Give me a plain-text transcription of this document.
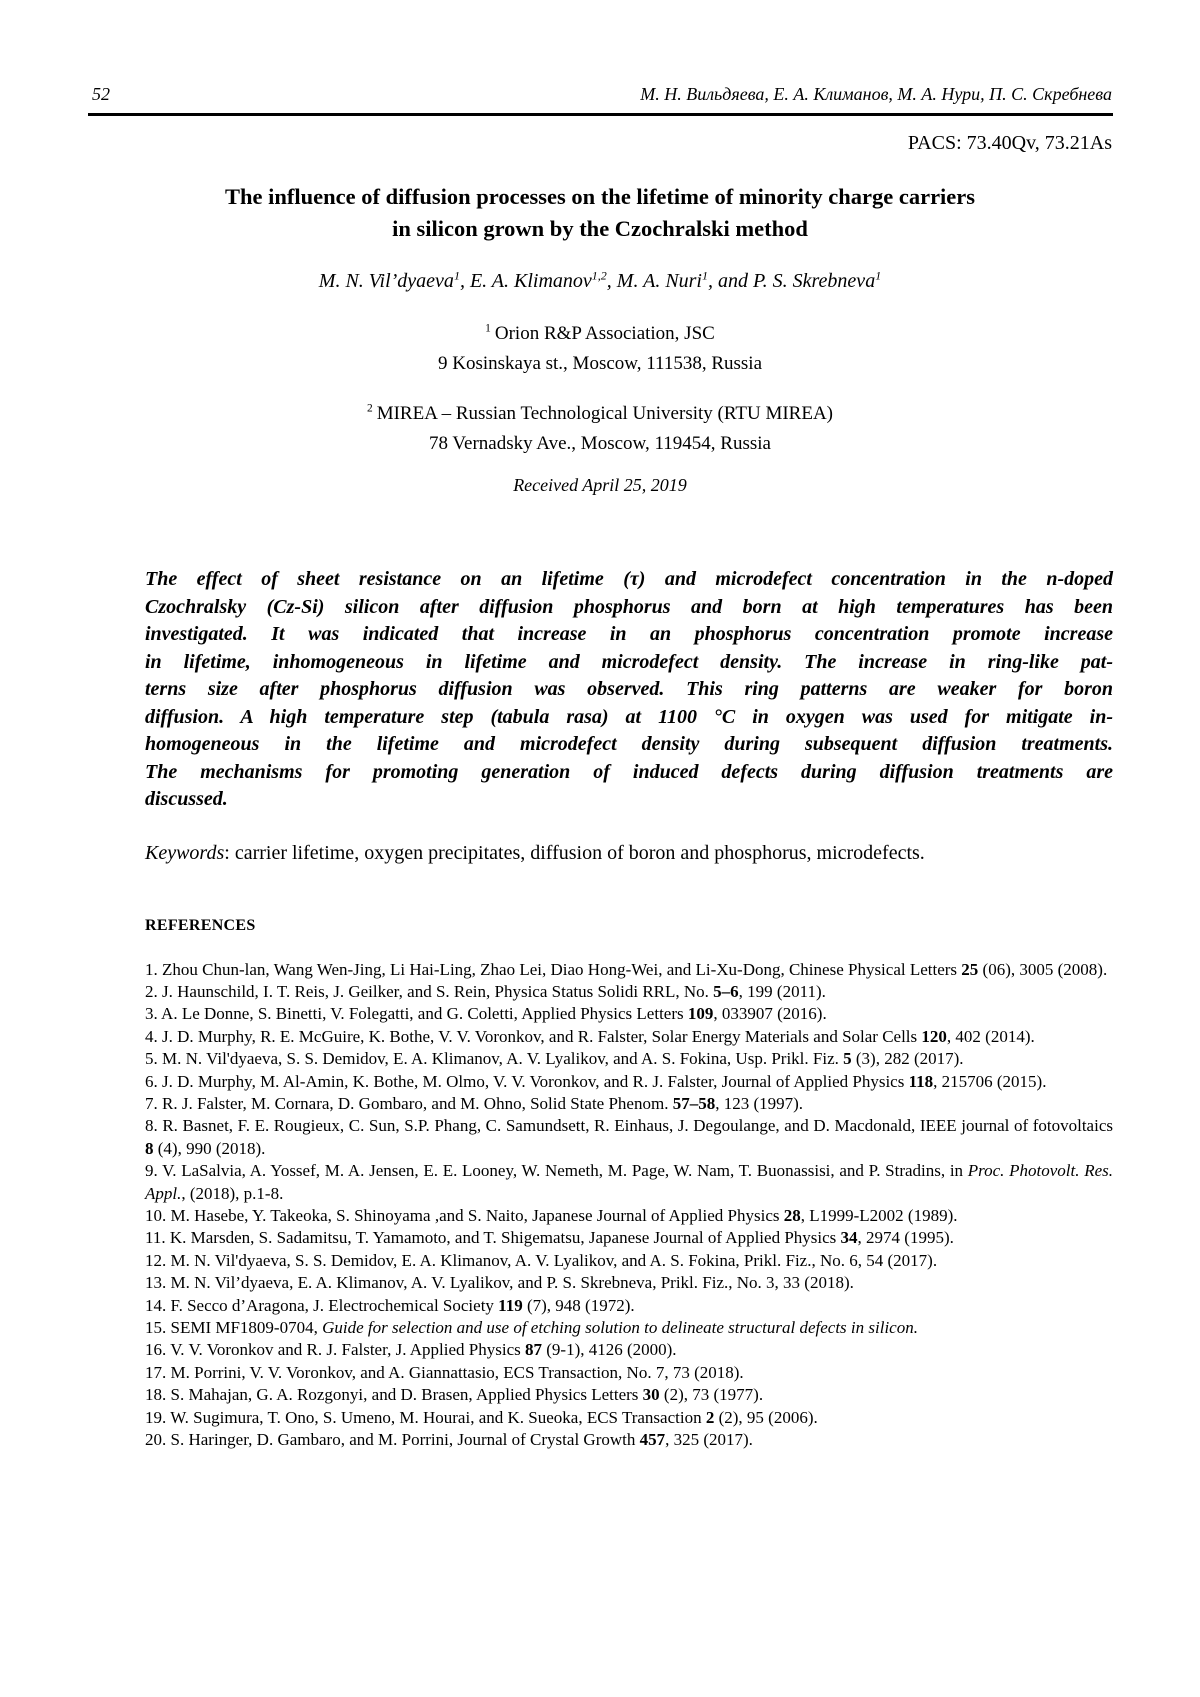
52	М. Н. Вильдяева, Е. А. Климанов, М. А. Нури, П. С. Скребнева
PACS: 73.40Qv, 73.21As
The influence of diffusion processes on the lifetime of minority charge carriers
in silicon grown by the Czochralski method
M. N. Vil’dyaeva$^1$, E. A. Klimanov$^{1,2}$, M. A. Nuri$^1$, and P. S. Skrebneva$^1$
$^1$ Orion R&P Association, JSC
9 Kosinskaya st., Moscow, 111538, Russia
$^2$ MIREA – Russian Technological University (RTU MIREA)
78 Vernadsky Ave., Moscow, 119454, Russia
Received April 25, 2019
The effect of sheet resistance on an lifetime (τ) and microdefect concentration in the n-doped
Czochralsky (Cz-Si) silicon after diffusion phosphorus and born at high temperatures has been
investigated. It was indicated that increase in an phosphorus concentration promote increase
in lifetime, inhomogeneous in lifetime and microdefect density. The increase in ring-like pat-
terns size after phosphorus diffusion was observed. This ring patterns are weaker for boron
diffusion. A high temperature step (tabula rasa) at 1100 °C in oxygen was used for mitigate in-
homogeneous in the lifetime and microdefect density during subsequent diffusion treatments.
The mechanisms for promoting generation of induced defects during diffusion treatments are
discussed.
Keywords: carrier lifetime, oxygen precipitates, diffusion of boron and phosphorus, microdefects.
REFERENCES
1. Zhou Chun-lan, Wang Wen-Jing, Li Hai-Ling, Zhao Lei, Diao Hong-Wei, and Li-Xu-Dong, Chinese Physical Letters 25 (06), 3005 (2008).
2. J. Haunschild, I. T. Reis, J. Geilker, and S. Rein, Physica Status Solidi RRL, No. 5–6, 199 (2011).
3. A. Le Donne, S. Binetti, V. Folegatti, and G. Coletti, Applied Physics Letters 109, 033907 (2016).
4. J. D. Murphy, R. E. McGuire, K. Bothe, V. V. Voronkov, and R. Falster, Solar Energy Materials and Solar Cells 120, 402 (2014).
5. M. N. Vil'dyaeva, S. S. Demidov, E. A. Klimanov, A. V. Lyalikov, and A. S. Fokina, Usp. Prikl. Fiz. 5 (3), 282 (2017).
6. J. D. Murphy, M. Al-Amin, K. Bothe, M. Olmo, V. V. Voronkov, and R. J. Falster, Journal of Applied Physics 118, 215706 (2015).
7. R. J. Falster, M. Cornara, D. Gombaro, and M. Ohno, Solid State Phenom. 57–58, 123 (1997).
8. R. Basnet, F. E. Rougieux, C. Sun, S.P. Phang, C. Samundsett, R. Einhaus, J. Degoulange, and D. Macdonald, IEEE journal of fotovoltaics 8 (4), 990 (2018).
9. V. LaSalvia, A. Yossef, M. A. Jensen, E. E. Looney, W. Nemeth, M. Page, W. Nam, T. Buonassisi, and P. Stradins, in Proc. Photovolt. Res. Appl., (2018), p.1-8.
10. M. Hasebe, Y. Takeoka, S. Shinoyama ,and S. Naito, Japanese Journal of Applied Physics 28, L1999-L2002 (1989).
11. K. Marsden, S. Sadamitsu, T. Yamamoto, and T. Shigematsu, Japanese Journal of Applied Physics 34, 2974 (1995).
12. M. N. Vil'dyaeva, S. S. Demidov, E. A. Klimanov, A. V. Lyalikov, and A. S. Fokina, Prikl. Fiz., No. 6, 54 (2017).
13. M. N. Vil’dyaeva, E. A. Klimanov, A. V. Lyalikov, and P. S. Skrebneva, Prikl. Fiz., No. 3, 33 (2018).
14. F. Secco d’Aragona, J. Electrochemical Society 119 (7), 948 (1972).
15. SEMI MF1809-0704, Guide for selection and use of etching solution to delineate structural defects in silicon.
16. V. V. Voronkov and R. J. Falster, J. Applied Physics 87 (9-1), 4126 (2000).
17. M. Porrini, V. V. Voronkov, and A. Giannattasio, ECS Transaction, No. 7, 73 (2018).
18. S. Mahajan, G. A. Rozgonyi, and D. Brasen, Applied Physics Letters 30 (2), 73 (1977).
19. W. Sugimura, T. Ono, S. Umeno, M. Hourai, and K. Sueoka, ECS Transaction 2 (2), 95 (2006).
20. S. Haringer, D. Gambaro, and M. Porrini, Journal of Crystal Growth 457, 325 (2017).
